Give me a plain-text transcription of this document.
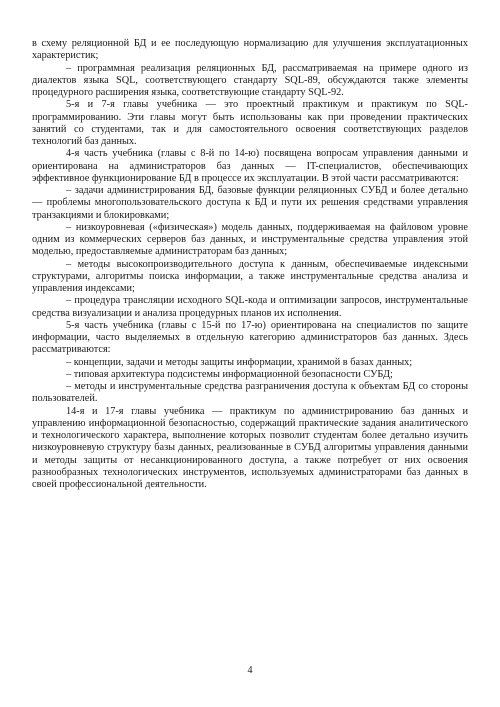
в схему реляционной БД и ее последующую нормализацию для улучшения эксплуатационных характеристик;

– программная реализация реляционных БД, рассматриваемая на примере одного из диалектов языка SQL, соответствующего стандарту SQL-89, обсуждаются также элементы процедурного расширения языка, соответствующие стандарту SQL-92.

5-я и 7-я главы учебника — это проектный практикум и практикум по SQL-программированию. Эти главы могут быть использованы как при проведении практических занятий со студентами, так и для самостоятельного освоения соответствующих разделов технологий баз данных.

4-я часть учебника (главы с 8-й по 14-ю) посвящена вопросам управления данными и ориентирована на администраторов баз данных — IT-специалистов, обеспечивающих эффективное функционирование БД в процессе их эксплуатации. В этой части рассматриваются:

– задачи администрирования БД, базовые функции реляционных СУБД и более детально — проблемы многопользовательского доступа к БД и пути их решения средствами управления транзакциями и блокировками;

– низкоуровневая («физическая») модель данных, поддерживаемая на файловом уровне одним из коммерческих серверов баз данных, и инструментальные средства управления этой моделью, предоставляемые администраторам баз данных;

– методы высокопроизводительного доступа к данным, обеспечиваемые индексными структурами, алгоритмы поиска информации, а также инструментальные средства анализа и управления индексами;

– процедура трансляции исходного SQL-кода и оптимизации запросов, инструментальные средства визуализации и анализа процедурных планов их исполнения.

5-я часть учебника (главы с 15-й по 17-ю) ориентирована на специалистов по защите информации, часто выделяемых в отдельную категорию администраторов баз данных. Здесь рассматриваются:

– концепции, задачи и методы защиты информации, хранимой в базах данных;

– типовая архитектура подсистемы информационной безопасности СУБД;

– методы и инструментальные средства разграничения доступа к объектам БД со стороны пользователей.

14-я и 17-я главы учебника — практикум по администрированию баз данных и управлению информационной безопасностью, содержащий практические задания аналитического и технологического характера, выполнение которых позволит студентам более детально изучить низкоуровневую структуру базы данных, реализованные в СУБД алгоритмы управления данными и методы защиты от несанкционированного доступа, а также потребует от них освоения разнообразных технологических инструментов, используемых администраторами баз данных в своей профессиональной деятельности.

4
